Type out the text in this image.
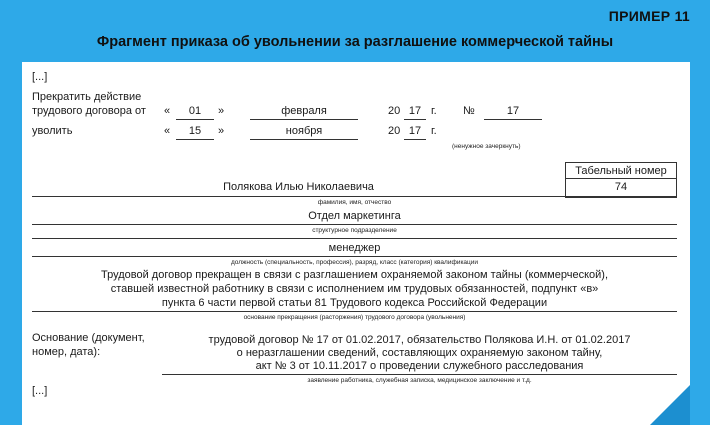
ПРИМЕР 11
Фрагмент приказа об увольнении за разглашение коммерческой тайны
[...]
Прекратить действие
трудового договора от «	01	»	февраля	20 17 г. №	17
уволить	«	15	»	ноября	20 17 г.
(ненужное зачеркнуть)
Табельный номер
74
Полякова Илью Николаевича
фамилия, имя, отчество
Отдел маркетинга
структурное подразделение
менеджер
должность (специальность, профессия), разряд, класс (категория) квалификации
Трудовой договор прекращен в связи с разглашением охраняемой законом тайны (коммерческой),
ставшей известной работнику в связи с исполнением им трудовых обязанностей, подпункт «в»
пункта 6 части первой статьи 81 Трудового кодекса Российской Федерации
основание прекращения (расторжения) трудового договора (увольнения)
Основание (документ,
номер, дата):
трудовой договор № 17 от 01.02.2017, обязательство Полякова И.Н. от 01.02.2017
о неразглашении сведений, составляющих охраняемую законом тайну,
акт № 3 от 10.11.2017 о проведении служебного расследования
заявление работника, служебная записка, медицинское заключение и т.д.
[...]
